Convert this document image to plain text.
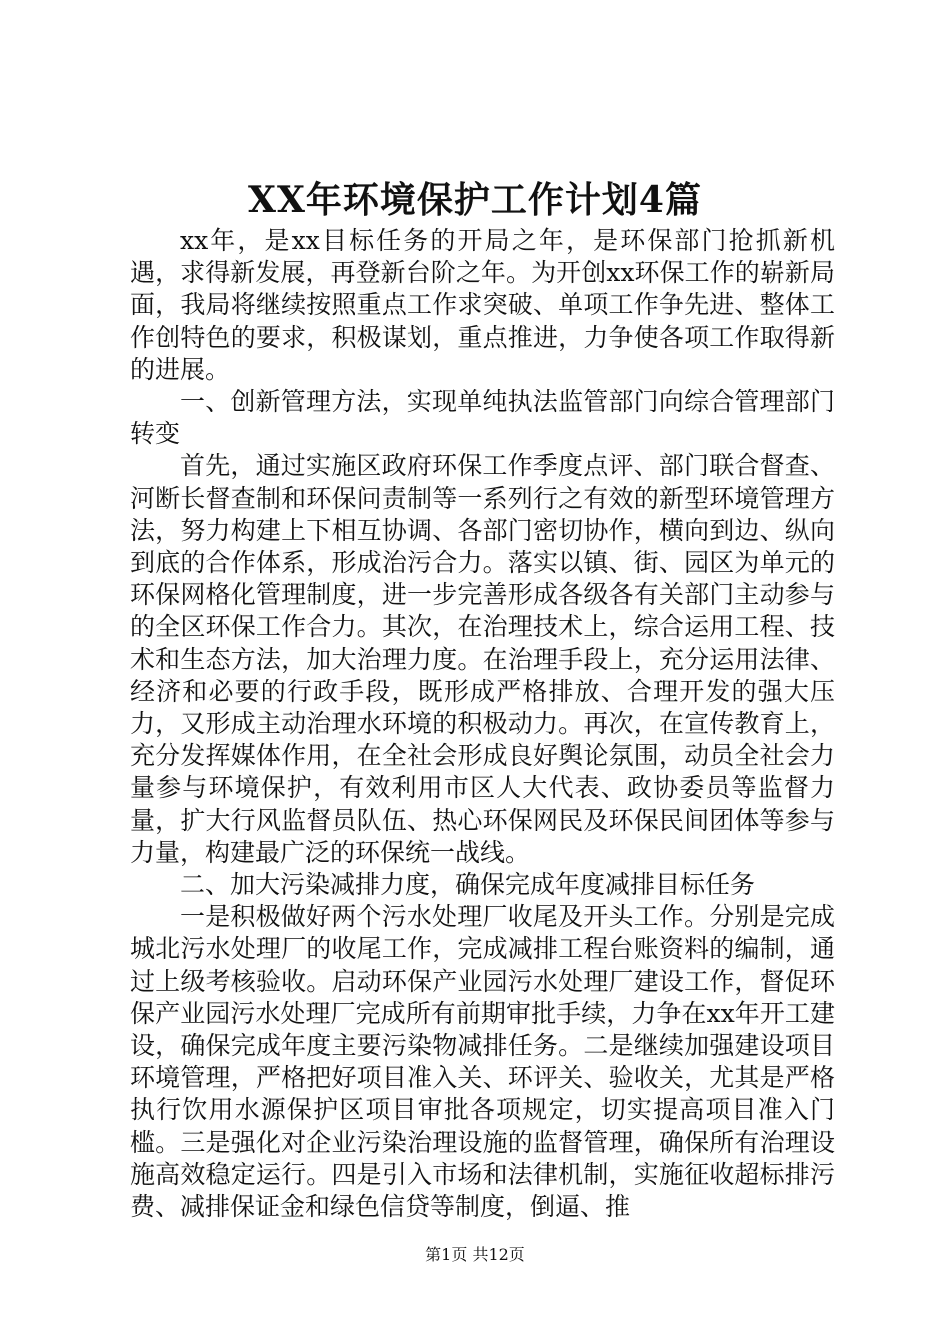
XX年环境保护工作计划4篇

xx年，是xx目标任务的开局之年，是环保部门抢抓新机遇，求得新发展，再登新台阶之年。为开创xx环保工作的崭新局面，我局将继续按照重点工作求突破、单项工作争先进、整体工作创特色的要求，积极谋划，重点推进，力争使各项工作取得新的进展。

一、创新管理方法，实现单纯执法监管部门向综合管理部门转变

首先，通过实施区政府环保工作季度点评、部门联合督查、河断长督查制和环保问责制等一系列行之有效的新型环境管理方法，努力构建上下相互协调、各部门密切协作，横向到边、纵向到底的合作体系，形成治污合力。落实以镇、街、园区为单元的环保网格化管理制度，进一步完善形成各级各有关部门主动参与的全区环保工作合力。其次，在治理技术上，综合运用工程、技术和生态方法，加大治理力度。在治理手段上，充分运用法律、经济和必要的行政手段，既形成严格排放、合理开发的强大压力，又形成主动治理水环境的积极动力。再次，在宣传教育上，充分发挥媒体作用，在全社会形成良好舆论氛围，动员全社会力量参与环境保护，有效利用市区人大代表、政协委员等监督力量，扩大行风监督员队伍、热心环保网民及环保民间团体等参与力量，构建最广泛的环保统一战线。

二、加大污染减排力度，确保完成年度减排目标任务

一是积极做好两个污水处理厂收尾及开头工作。分别是完成城北污水处理厂的收尾工作，完成减排工程台账资料的编制，通过上级考核验收。启动环保产业园污水处理厂建设工作，督促环保产业园污水处理厂完成所有前期审批手续，力争在xx年开工建设，确保完成年度主要污染物减排任务。二是继续加强建设项目环境管理，严格把好项目准入关、环评关、验收关，尤其是严格执行饮用水源保护区项目审批各项规定，切实提高项目准入门槛。三是强化对企业污染治理设施的监督管理，确保所有治理设施高效稳定运行。四是引入市场和法律机制，实施征收超标排污费、减排保证金和绿色信贷等制度，倒逼、推

第1页 共12页
